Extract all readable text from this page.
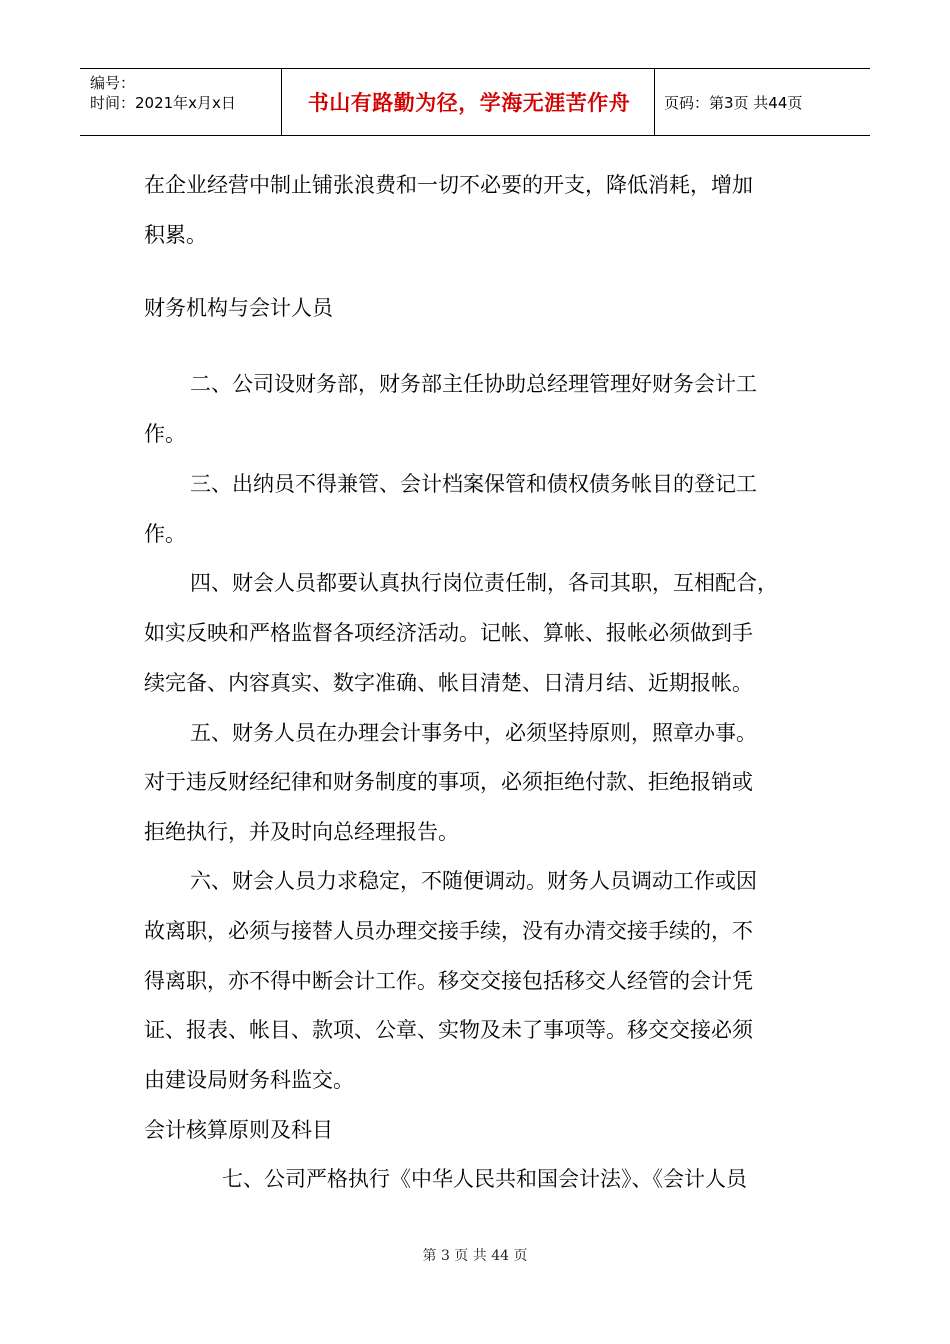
编号：
时间：2021年x月x日	书山有路勤为径，学海无涯苦作舟	页码：第3页 共44页
在企业经营中制止铺张浪费和一切不必要的开支，降低消耗，增加
积累。
财务机构与会计人员
二、公司设财务部，财务部主任协助总经理管理好财务会计工
作。
三、出纳员不得兼管、会计档案保管和债权债务帐目的登记工
作。
四、财会人员都要认真执行岗位责任制，各司其职，互相配合，
如实反映和严格监督各项经济活动。记帐、算帐、报帐必须做到手
续完备、内容真实、数字准确、帐目清楚、日清月结、近期报帐。
五、财务人员在办理会计事务中，必须坚持原则，照章办事。
对于违反财经纪律和财务制度的事项，必须拒绝付款、拒绝报销或
拒绝执行，并及时向总经理报告。
六、财会人员力求稳定，不随便调动。财务人员调动工作或因
故离职，必须与接替人员办理交接手续，没有办清交接手续的，不
得离职，亦不得中断会计工作。移交交接包括移交人经管的会计凭
证、报表、帐目、款项、公章、实物及未了事项等。移交交接必须
由建设局财务科监交。
会计核算原则及科目
七、公司严格执行《中华人民共和国会计法》、《会计人员
第 3 页 共 44 页
